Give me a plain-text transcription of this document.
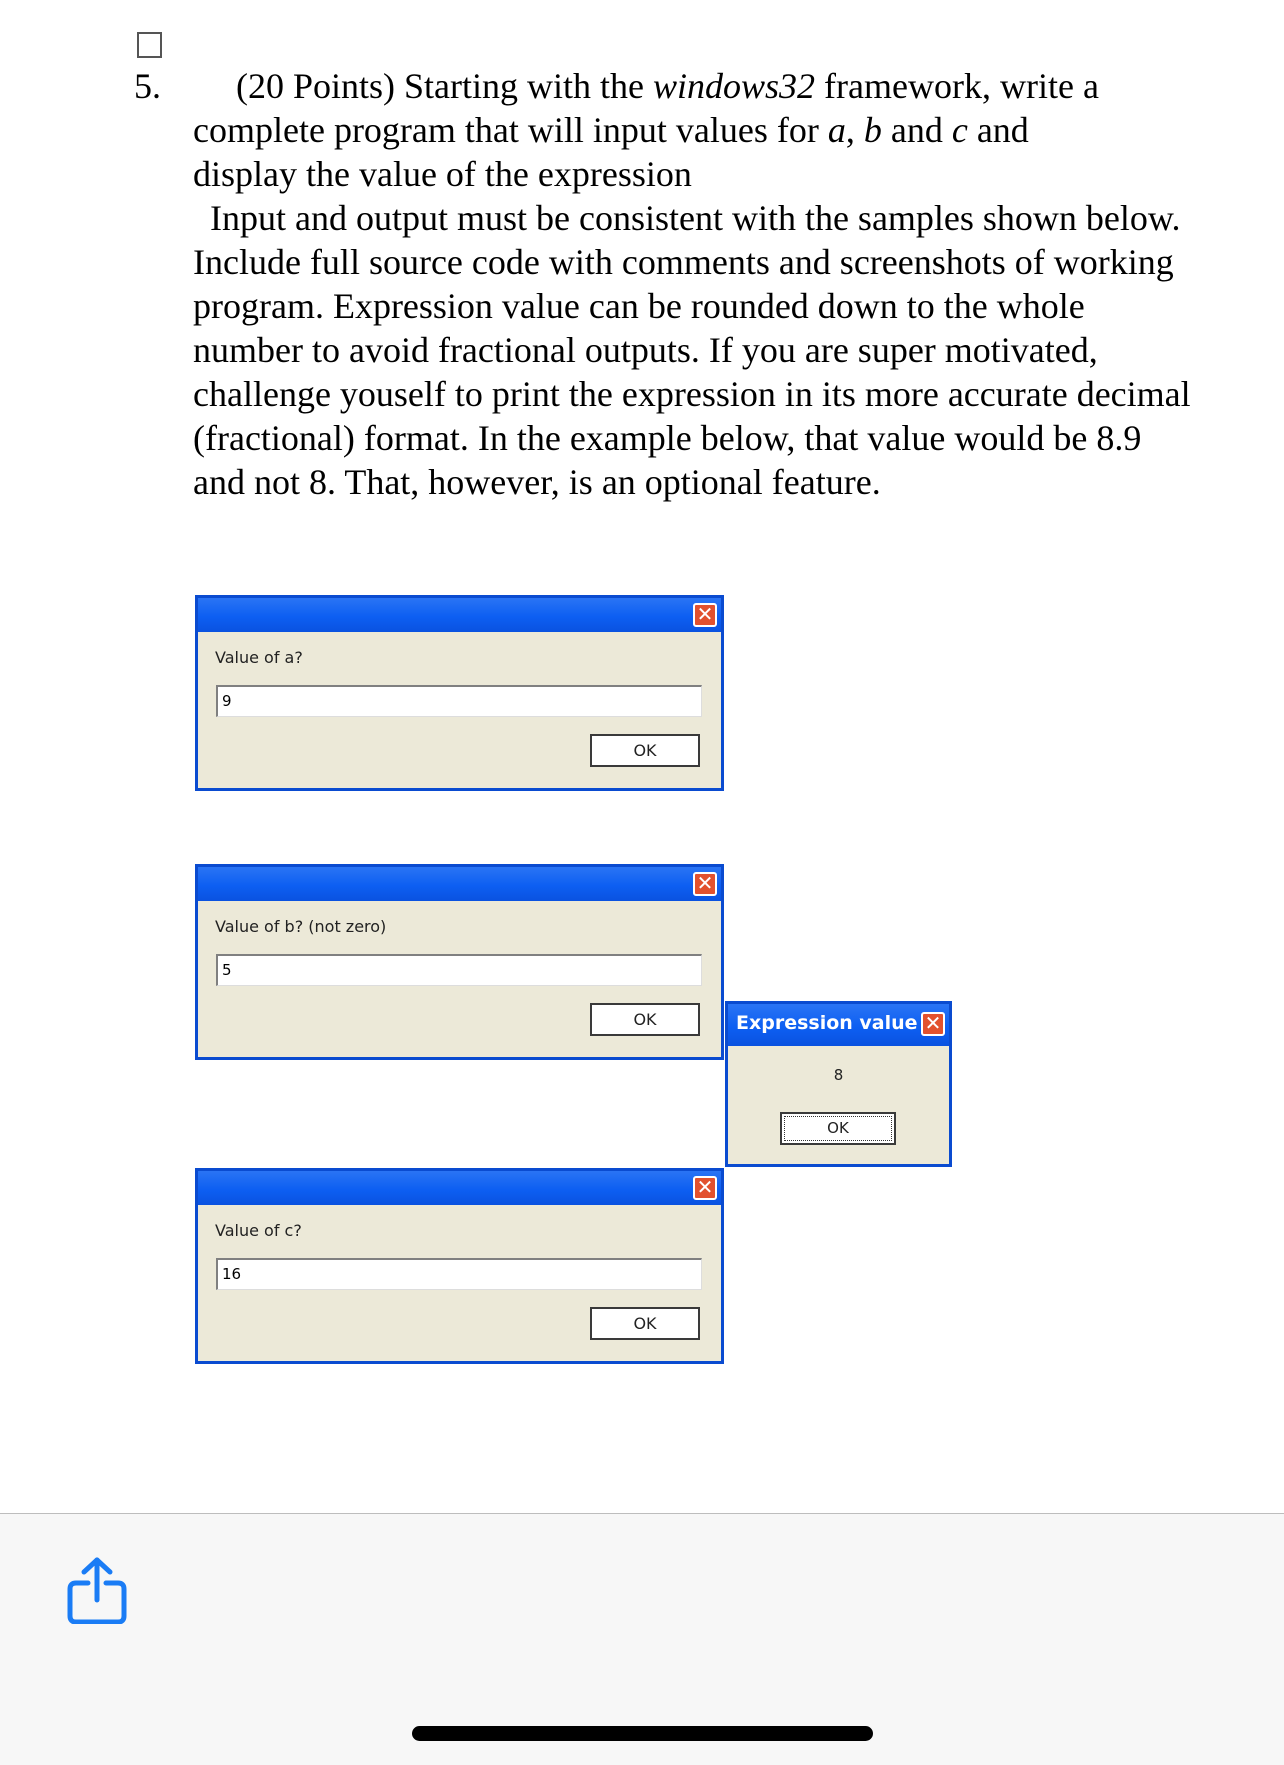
5.	(20 Points) Starting with the windows32 framework, write a

complete program that will input values for a, b and c and

display the value of the expression

Input and output must be consistent with the samples shown below. Include full source code with comments and screenshots of working program. Expression value can be rounded down to the whole number to avoid fractional outputs. If you are super motivated, challenge youself to print the expression in its more accurate decimal (fractional) format. In the example below, that value would be 8.9 and not 8. That, however, is an optional feature.

✕
Value of a?
9
OK
✕
Value of b? (not zero)
5
OK
✕
Value of c?
16
OK
Expression value ✕
8
OK
